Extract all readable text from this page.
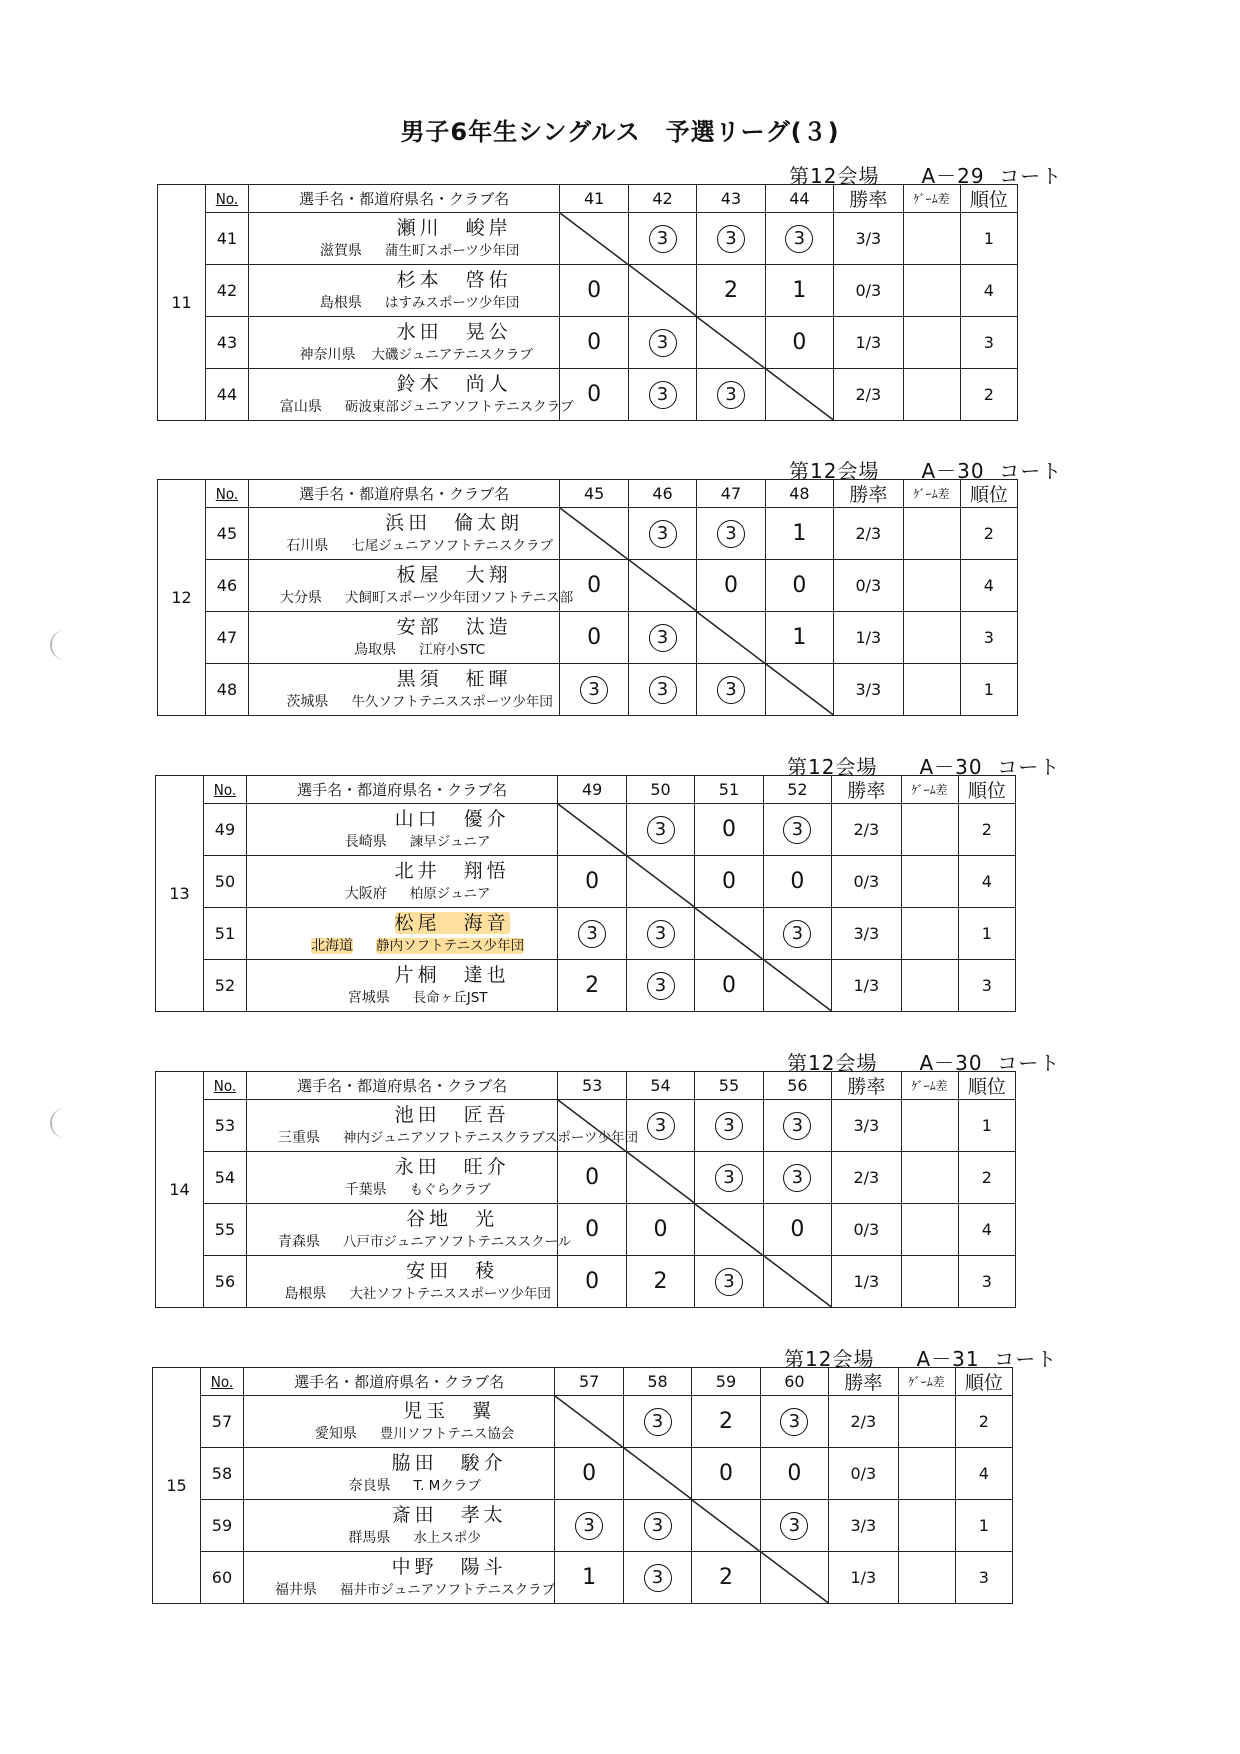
男子6年生シングルス　予選リーグ(３)
第12会場　　A－29  コート
11	No.	選手名・都道府県名・クラブ名	41	42	43	44	勝率	ｹﾞｰﾑ差	順位
	41	瀬川　峻岸
滋賀県 蒲生町スポーツ少年団		3	3	3	3/3		1
	42	杉本　啓佑
島根県 はすみスポーツ少年団	0		2	1	0/3		4
	43	水田　晃公
神奈川県 大磯ジュニアテニスクラブ	0	3		0	1/3		3
	44	鈴木　尚人
富山県 砺波東部ジュニアソフトテニスクラブ	0	3	3		2/3		2
第12会場　　A－30  コート
12	No.	選手名・都道府県名・クラブ名	45	46	47	48	勝率	ｹﾞｰﾑ差	順位
	45	浜田　倫太朗
石川県 七尾ジュニアソフトテニスクラブ		3	3	1	2/3		2
	46	板屋　大翔
大分県 犬飼町スポーツ少年団ソフトテニス部	0		0	0	0/3		4
	47	安部　汰造
鳥取県 江府小STC	0	3		1	1/3		3
	48	黒須　柾暉
茨城県 牛久ソフトテニススポーツ少年団	3	3	3		3/3		1
第12会場　　A－30  コート
13	No.	選手名・都道府県名・クラブ名	49	50	51	52	勝率	ｹﾞｰﾑ差	順位
	49	山口　優介
長崎県 諫早ジュニア		3	0	3	2/3		2
	50	北井　翔悟
大阪府 柏原ジュニア	0		0	0	0/3		4
	51	松尾　海音
北海道 静内ソフトテニス少年団	3	3		3	3/3		1
	52	片桐　達也
宮城県 長命ヶ丘JST	2	3	0		1/3		3
第12会場　　A－30  コート
14	No.	選手名・都道府県名・クラブ名	53	54	55	56	勝率	ｹﾞｰﾑ差	順位
	53	池田　匠吾
三重県 神内ジュニアソフトテニスクラブスポーツ少年団		3	3	3	3/3		1
	54	永田　旺介
千葉県 もぐらクラブ	0		3	3	2/3		2
	55	谷地　光
青森県 八戸市ジュニアソフトテニススクール	0	0		0	0/3		4
	56	安田　稜
島根県 大社ソフトテニススポーツ少年団	0	2	3		1/3		3
第12会場　　A－31  コート
15	No.	選手名・都道府県名・クラブ名	57	58	59	60	勝率	ｹﾞｰﾑ差	順位
	57	児玉　翼
愛知県 豊川ソフトテニス協会		3	2	3	2/3		2
	58	脇田　駿介
奈良県 T. Mクラブ	0		0	0	0/3		4
	59	斎田　孝太
群馬県 水上スポ少	3	3		3	3/3		1
	60	中野　陽斗
福井県 福井市ジュニアソフトテニスクラブ	1	3	2		1/3		3
